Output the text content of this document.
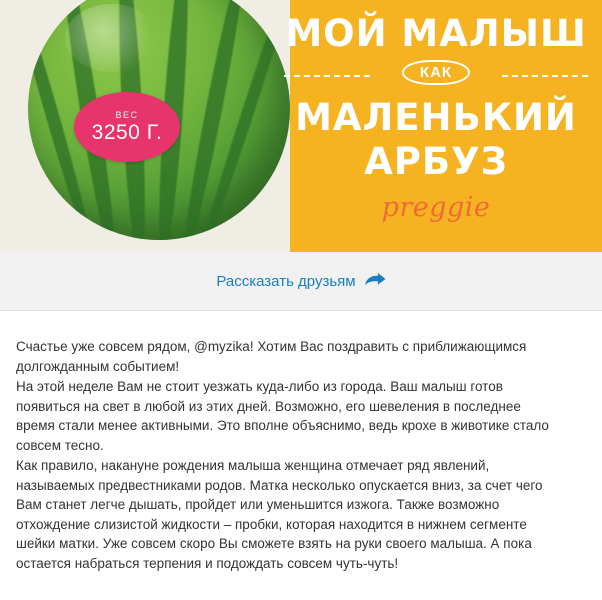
ВЕС
3250 Г.
МОЙ МАЛЫШ
КАК
МАЛЕНЬКИЙ АРБУЗ
preggie
Рассказать друзьям

Счастье уже совсем рядом, @myzika! Хотим Вас поздравить с приближающимся долгожданным событием!

На этой неделе Вам не стоит уезжать куда-либо из города. Ваш малыш готов появиться на свет в любой из этих дней. Возможно, его шевеления в последнее время стали менее активными. Это вполне объяснимо, ведь крохе в животике стало совсем тесно.

Как правило, накануне рождения малыша женщина отмечает ряд явлений, называемых предвестниками родов. Матка несколько опускается вниз, за счет чего Вам станет легче дышать, пройдет или уменьшится изжога. Также возможно отхождение слизистой жидкости – пробки, которая находится в нижнем сегменте шейки матки. Уже совсем скоро Вы сможете взять на руки своего малыша. А пока остается набраться терпения и подождать совсем чуть-чуть!
